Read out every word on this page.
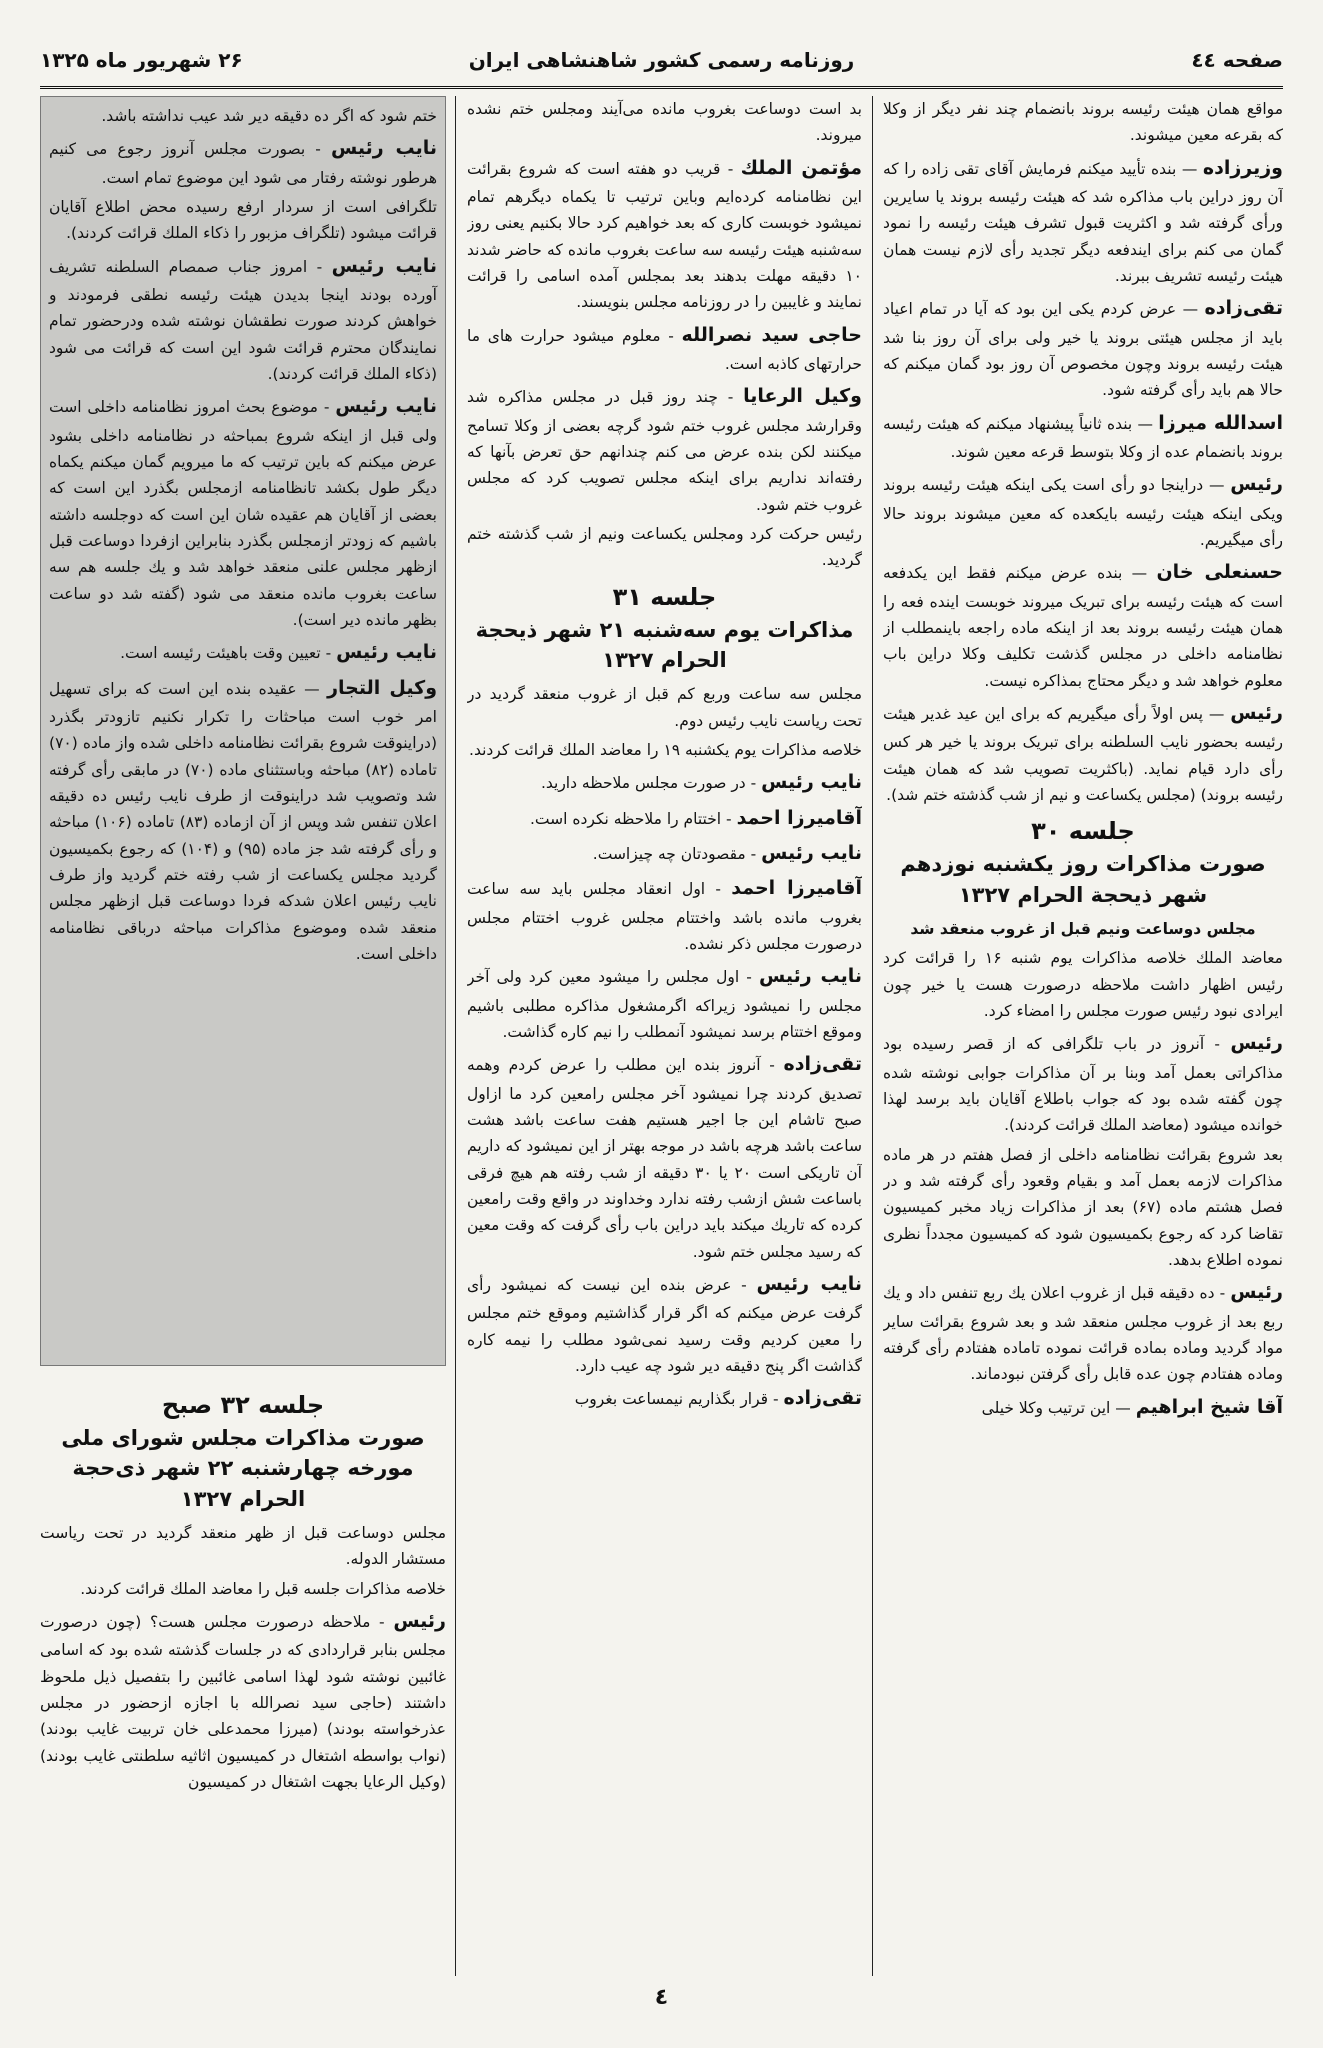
صفحه ٤٤
روزنامه رسمی کشور شاهنشاهی ایران
۲۶ شهریور ماه ۱۳۲۵
مواقع همان هیئت رئیسه بروند بانضمام چند نفر دیگر از وکلا که بقرعه معین میشوند.
وزیرزاده — بنده تأیید میکنم فرمایش آقای تقی زاده را که آن روز دراین باب مذاکره شد که هیئت رئیسه بروند یا سایرین ورأی گرفته شد و اکثریت قبول تشرف هیئت رئیسه را نمود گمان می کنم برای ایندفعه دیگر تجدید رأی لازم نیست همان هیئت رئیسه تشریف ببرند.
تقی‌زاده — عرض کردم یکی این بود که آیا در تمام اعیاد باید از مجلس هیئتی بروند یا خیر ولی برای آن روز بنا شد هیئت رئیسه بروند وچون مخصوص آن روز بود گمان میکنم که حالا هم باید رأی گرفته شود.
اسدالله میرزا — بنده ثانیاً پیشنهاد میکنم که هیئت رئیسه بروند بانضمام عده از وکلا بتوسط قرعه معین شوند.
رئیس — دراینجا دو رأی است یکی اینکه هیئت رئیسه بروند ویکی اینکه هیئت رئیسه بایکعده که معین میشوند بروند حالا رأی میگیریم.
حسنعلی خان — بنده عرض میکنم فقط این یکدفعه است که هیئت رئیسه برای تبریک میروند خوبست اینده فعه را همان هیئت رئیسه بروند بعد از اینکه ماده راجعه باینمطلب از نظامنامه داخلی در مجلس گذشت تکلیف وکلا دراین باب معلوم خواهد شد و دیگر محتاج بمذاکره نیست.
رئیس — پس اولاً رأی میگیریم که برای این عید غدیر هیئت رئیسه بحضور نایب السلطنه برای تبریک بروند یا خیر هر کس رأی دارد قیام نماید. (باکثریت تصویب شد که همان هیئت رئیسه بروند) (مجلس یکساعت و نیم از شب گذشته ختم شد).
جلسه ۳۰
صورت مذاکرات روز یکشنبه نوزدهم شهر ذیحجة الحرام ۱۳۲۷
مجلس دوساعت ونیم قبل از غروب منعقد شد
معاضد الملك خلاصه مذاکرات یوم شنبه ۱۶ را قرائت کرد رئیس اظهار داشت ملاحظه درصورت هست یا خیر چون ایرادی نبود رئیس صورت مجلس را امضاء کرد.
رئیس - آنروز در باب تلگرافی که از قصر رسیده بود مذاکراتی بعمل آمد وبنا بر آن مذاکرات جوابی نوشته شده چون گفته شده بود که جواب باطلاع آقایان باید برسد لهذا خوانده میشود (معاضد الملك قرائت کردند).
بعد شروع بقرائت نظامنامه داخلی از فصل هفتم در هر ماده مذاکرات لازمه بعمل آمد و بقیام وقعود رأی گرفته شد و در فصل هشتم ماده (۶۷) بعد از مذاکرات زیاد مخبر کمیسیون تقاضا کرد که رجوع بکمیسیون شود که کمیسیون مجدداً نظری نموده اطلاع بدهد.
رئیس - ده دقیقه قبل از غروب اعلان یك ربع تنفس داد و یك ربع بعد از غروب مجلس منعقد شد و بعد شروع بقرائت سایر مواد گردید وماده بماده قرائت نموده تاماده هفتادم رأی گرفته وماده هفتادم چون عده قابل رأی گرفتن نبودماند.
آقا شیخ ابراهیم — این ترتیب وکلا خیلی
بد است دوساعت بغروب مانده می‌آیند ومجلس ختم نشده میروند.
مؤتمن الملك - قریب دو هفته است که شروع بقرائت این نظامنامه کرده‌ایم وباین ترتیب تا یکماه دیگرهم تمام نمیشود خوبست کاری که بعد خواهیم کرد حالا بکنیم یعنی روز سه‌شنبه هیئت رئیسه سه ساعت بغروب مانده که حاضر شدند ۱۰ دقیقه مهلت بدهند بعد بمجلس آمده اسامی را قرائت نمایند و غایبین را در روزنامه مجلس بنویسند.
حاجی سید نصرالله - معلوم میشود حرارت های ما حرارتهای کاذبه است.
وکیل الرعایا - چند روز قبل در مجلس مذاکره شد وقرارشد مجلس غروب ختم شود گرچه بعضی از وکلا تسامح میکنند لکن بنده عرض می کنم چندانهم حق تعرض بآنها که رفته‌اند نداریم برای اینکه مجلس تصویب کرد که مجلس غروب ختم شود.
رئیس حرکت کرد ومجلس یکساعت ونیم از شب گذشته ختم گردید.
جلسه ۳۱
مذاکرات یوم سه‌شنبه ۲۱ شهر ذیحجة الحرام ۱۳۲۷
مجلس سه ساعت وربع کم قبل از غروب منعقد گردید در تحت ریاست نایب رئیس دوم.
خلاصه مذاکرات یوم یکشنبه ۱۹ را معاضد الملك قرائت کردند.
نایب رئیس - در صورت مجلس ملاحظه دارید.
آقامیرزا احمد - اختتام را ملاحظه نکرده است.
نایب رئیس - مقصودتان چه چیزاست.
آقامیرزا احمد - اول انعقاد مجلس باید سه ساعت بغروب مانده باشد واختتام مجلس غروب اختتام مجلس درصورت مجلس ذکر نشده.
نایب رئیس - اول مجلس را میشود معین کرد ولی آخر مجلس را نمیشود زیراکه اگرمشغول مذاکره مطلبی باشیم وموقع اختتام برسد نمیشود آنمطلب را نیم کاره گذاشت.
تقی‌زاده - آنروز بنده این مطلب را عرض کردم وهمه تصدیق کردند چرا نمیشود آخر مجلس رامعین کرد ما ازاول صبح تاشام این جا اجیر هستیم هفت ساعت باشد هشت ساعت باشد هرچه باشد در موجه بهتر از این نمیشود که داریم آن تاریکی است ۲۰ یا ۳۰ دقیقه از شب رفته هم هیچ فرقی باساعت شش ازشب رفته ندارد وخداوند در واقع وقت رامعین کرده که تاریك میکند باید دراین باب رأی گرفت که وقت معین که رسید مجلس ختم شود.
نایب رئیس - عرض بنده این نیست که نمیشود رأی گرفت عرض میکنم که اگر قرار گذاشتیم وموقع ختم مجلس را معین کردیم وقت رسید نمی‌شود مطلب را نیمه کاره گذاشت اگر پنج دقیقه دیر شود چه عیب دارد.
تقی‌زاده - قرار بگذاریم نیمساعت بغروب
ختم شود که اگر ده دقیقه دیر شد عیب نداشته باشد.
نایب رئیس - بصورت مجلس آنروز رجوع می کنیم هرطور نوشته رفتار می شود این موضوع تمام است.
تلگرافی است از سردار ارفع رسیده محض اطلاع آقایان قرائت میشود (تلگراف مزبور را ذکاء الملك قرائت کردند).
نایب رئیس - امروز جناب صمصام السلطنه تشریف آورده بودند اینجا بدیدن هیئت رئیسه نطقی فرمودند و خواهش کردند صورت نطقشان نوشته شده ودرحضور تمام نمایندگان محترم قرائت شود این است که قرائت می شود (ذکاء الملك قرائت کردند).
نایب رئیس - موضوع بحث امروز نظامنامه داخلی است ولی قبل از اینکه شروع بمباحثه در نظامنامه داخلی بشود عرض میکنم که باین ترتیب که ما میرویم گمان میکنم یکماه دیگر طول بکشد تانظامنامه ازمجلس بگذرد این است که بعضی از آقایان هم عقیده شان این است که دوجلسه داشته باشیم که زودتر ازمجلس بگذرد بنابراین ازفردا دوساعت قبل ازظهر مجلس علنی منعقد خواهد شد و یك جلسه هم سه ساعت بغروب مانده منعقد می شود (گفته شد دو ساعت بظهر مانده دیر است).
نایب رئیس - تعیین وقت باهیئت رئیسه است.
وکیل التجار — عقیده بنده این است که برای تسهیل امر خوب است مباحثات را تکرار نکنیم تازودتر بگذرد (دراینوقت شروع بقرائت نظامنامه داخلی شده واز ماده (۷۰) تاماده (۸۲) مباحثه وباستثنای ماده (۷۰) در مابقی رأی گرفته شد وتصویب شد دراینوقت از طرف نایب رئیس ده دقیقه اعلان تنفس شد وپس از آن ازماده (۸۳) تاماده (۱۰۶) مباحثه و رأی گرفته شد جز ماده (۹۵) و (۱۰۴) که رجوع بکمیسیون گردید مجلس یکساعت از شب رفته ختم گردید واز طرف نایب رئیس اعلان شدکه فردا دوساعت قبل ازظهر مجلس منعقد شده وموضوع مذاکرات مباحثه درباقی نظامنامه داخلی است.
جلسه ۳۲ صبح
صورت مذاکرات مجلس شورای ملی مورخه چهارشنبه ۲۲ شهر ذی‌حجة الحرام ۱۳۲۷
مجلس دوساعت قبل از ظهر منعقد گردید در تحت ریاست مستشار الدوله.
خلاصه مذاکرات جلسه قبل را معاضد الملك قرائت کردند.
رئیس - ملاحظه درصورت مجلس هست؟ (چون درصورت مجلس بنابر قراردادی که در جلسات گذشته شده بود که اسامی غائبین نوشته شود لهذا اسامی غائبین را بتفصیل ذیل ملحوظ داشتند (حاجی سید نصرالله با اجازه ازحضور در مجلس عذرخواسته بودند) (میرزا محمدعلی خان تربیت غایب بودند) (نواب بواسطه اشتغال در کمیسیون اثاثیه سلطنتی غایب بودند) (وکیل الرعایا بجهت اشتغال در کمیسیون
٤
